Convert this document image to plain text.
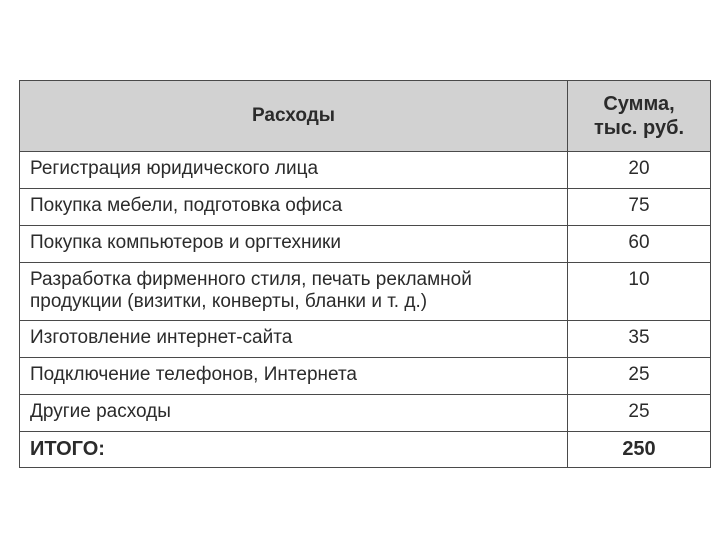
Расходы	Сумма,
тыс. руб.

Регистрация юридического лица	20
Покупка мебели, подготовка офиса	75
Покупка компьютеров и оргтехники	60
Разработка фирменного стиля, печать рекламной продукции (визитки, конверты, бланки и т. д.)	10
Изготовление интернет-сайта	35
Подключение телефонов, Интернета	25
Другие расходы	25
ИТОГО:	250
